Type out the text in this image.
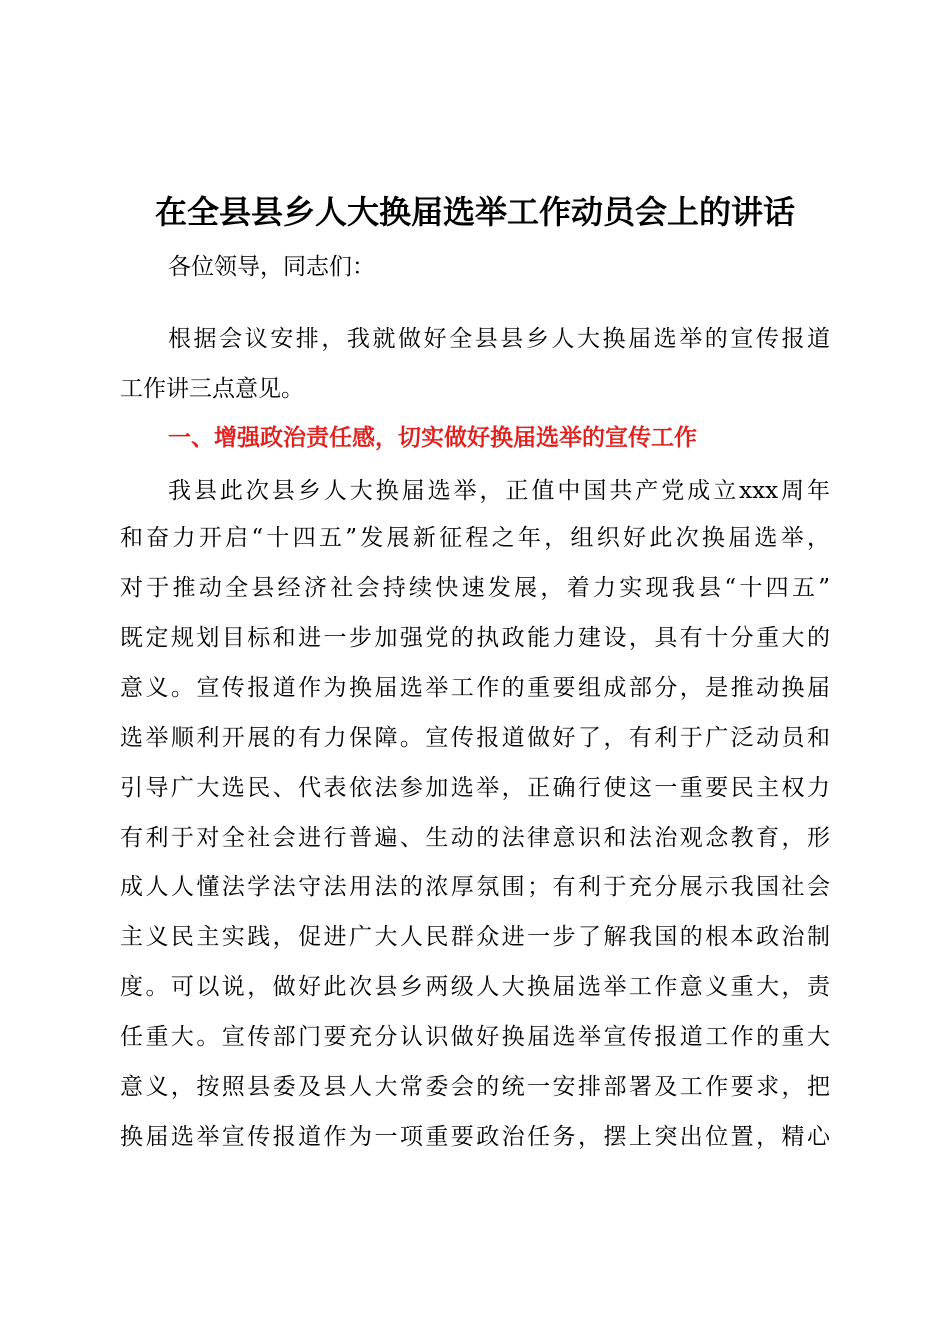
在全县县乡人大换届选举工作动员会上的讲话

各位领导，同志们：

根据会议安排，我就做好全县县乡人大换届选举的宣传报道

工作讲三点意见。

一、增强政治责任感，切实做好换届选举的宣传工作

我县此次县乡人大换届选举，正值中国共产党成立xxx周年

和奋力开启“十四五”发展新征程之年，组织好此次换届选举，

对于推动全县经济社会持续快速发展，着力实现我县“十四五”

既定规划目标和进一步加强党的执政能力建设，具有十分重大的

意义。宣传报道作为换届选举工作的重要组成部分，是推动换届

选举顺利开展的有力保障。宣传报道做好了，有利于广泛动员和

引导广大选民、代表依法参加选举，正确行使这一重要民主权力

有利于对全社会进行普遍、生动的法律意识和法治观念教育，形

成人人懂法学法守法用法的浓厚氛围；有利于充分展示我国社会

主义民主实践，促进广大人民群众进一步了解我国的根本政治制

度。可以说，做好此次县乡两级人大换届选举工作意义重大，责

任重大。宣传部门要充分认识做好换届选举宣传报道工作的重大

意义，按照县委及县人大常委会的统一安排部署及工作要求，把

换届选举宣传报道作为一项重要政治任务，摆上突出位置，精心
